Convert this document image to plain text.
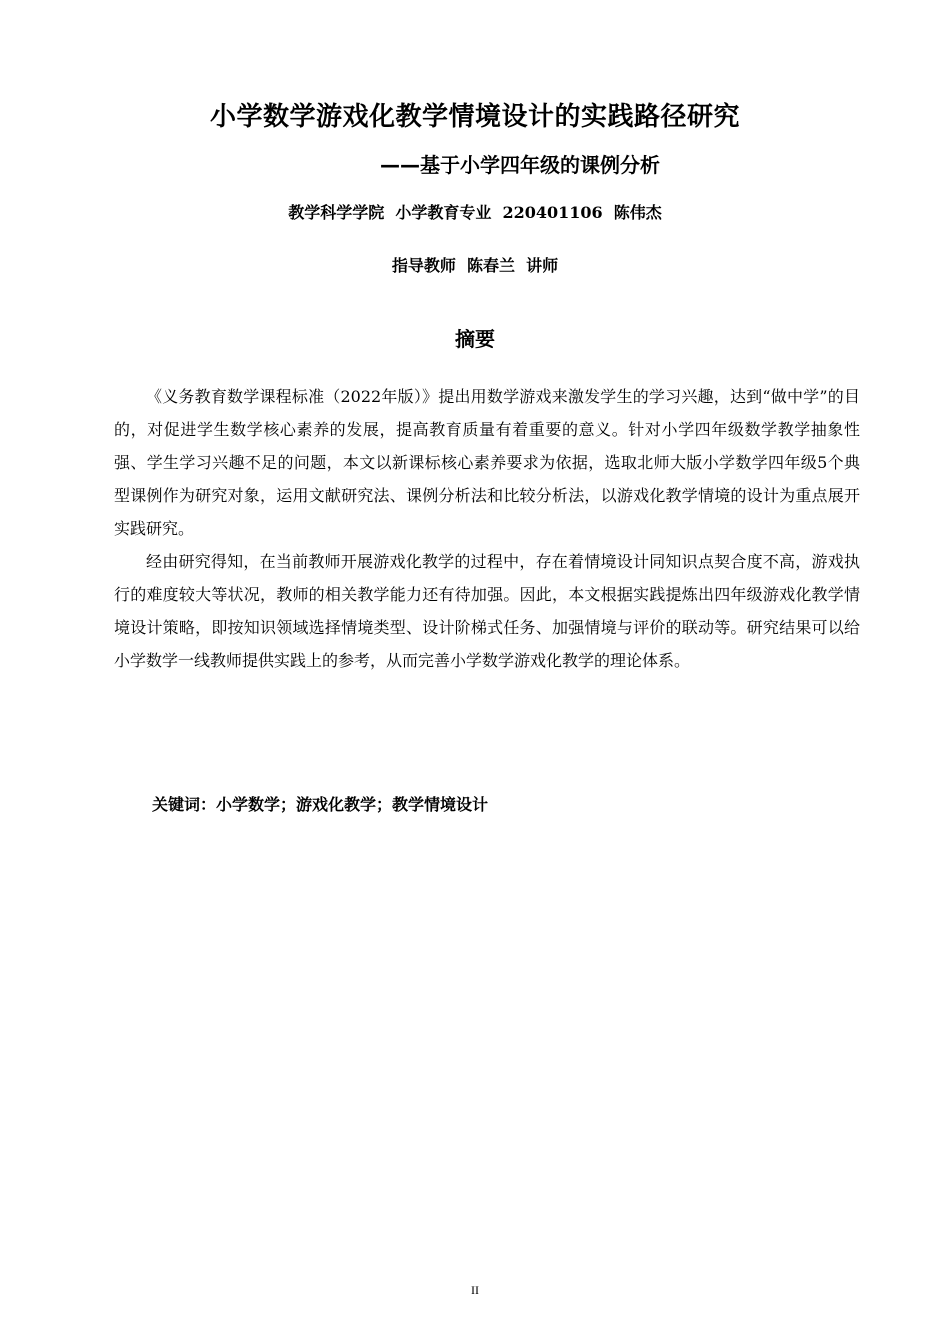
小学数学游戏化教学情境设计的实践路径研究
——基于小学四年级的课例分析
教学科学学院  小学教育专业  220401106  陈伟杰
指导教师  陈春兰  讲师
摘要

《义务教育数学课程标准（2022年版）》提出用数学游戏来激发学生的学习兴趣，达到“做中学”的目的，对促进学生数学核心素养的发展，提高教育质量有着重要的意义。针对小学四年级数学教学抽象性强、学生学习兴趣不足的问题，本文以新课标核心素养要求为依据，选取北师大版小学数学四年级5个典型课例作为研究对象，运用文献研究法、课例分析法和比较分析法，以游戏化教学情境的设计为重点展开实践研究。

经由研究得知，在当前教师开展游戏化教学的过程中，存在着情境设计同知识点契合度不高，游戏执行的难度较大等状况，教师的相关教学能力还有待加强。因此，本文根据实践提炼出四年级游戏化教学情境设计策略，即按知识领域选择情境类型、设计阶梯式任务、加强情境与评价的联动等。研究结果可以给小学数学一线教师提供实践上的参考，从而完善小学数学游戏化教学的理论体系。

关键词：小学数学；游戏化教学；教学情境设计
II
